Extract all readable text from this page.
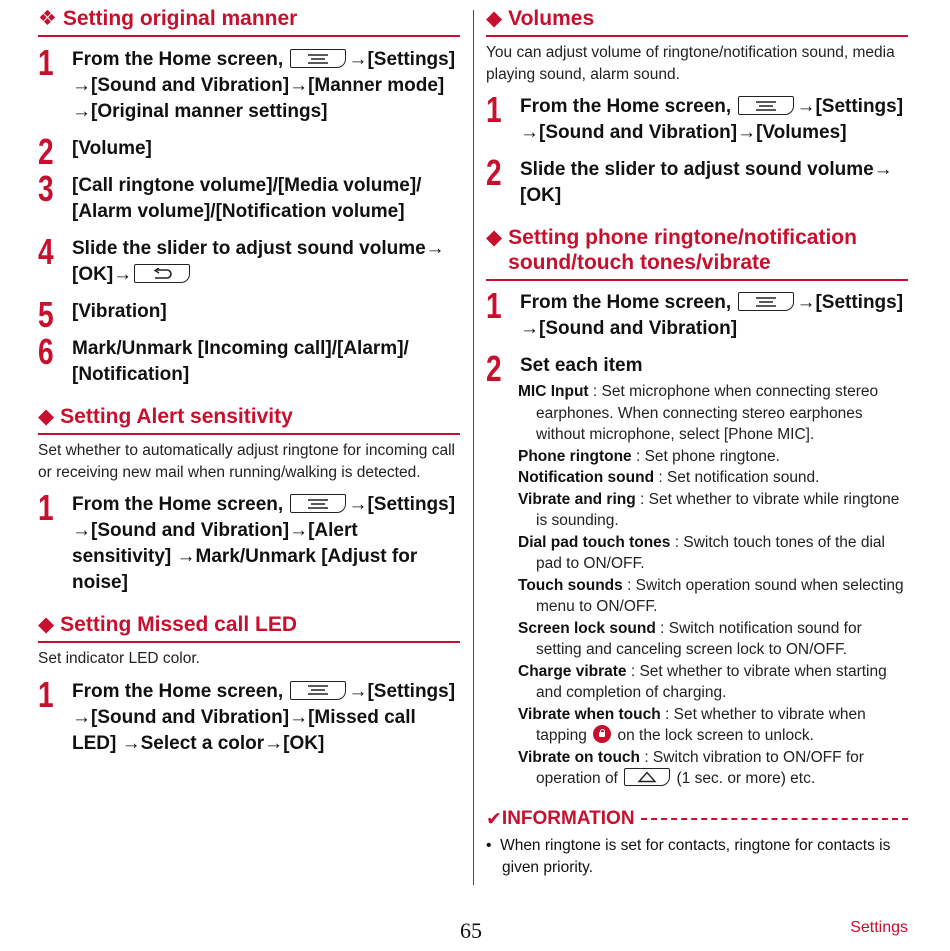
❖ Setting original manner
1 From the Home screen,	→[Settings] →[Sound and Vibration]→[Manner mode] →[Original manner settings]
2 [Volume]
3 [Call ringtone volume]/[Media volume]/ [Alarm volume]/[Notification volume]
4 Slide the slider to adjust sound volume→ [OK]→
5 [Vibration]
6 Mark/Unmark [Incoming call]/[Alarm]/ [Notification]
◆ Setting Alert sensitivity
Set whether to automatically adjust ringtone for incoming call or receiving new mail when running/walking is detected.
1 From the Home screen,	→[Settings] →[Sound and Vibration]→[Alert sensitivity] →Mark/Unmark [Adjust for noise]
◆ Setting Missed call LED
Set indicator LED color.
1 From the Home screen,	→[Settings] →[Sound and Vibration]→[Missed call LED] →Select a color→[OK]
◆ Volumes
You can adjust volume of ringtone/notification sound, media playing sound, alarm sound.
1 From the Home screen,	→[Settings] →[Sound and Vibration]→[Volumes]
2 Slide the slider to adjust sound volume→ [OK]
◆ Setting phone ringtone/notification sound/touch tones/vibrate
1 From the Home screen,	→[Settings] →[Sound and Vibration]
2 Set each item
MIC Input : Set microphone when connecting stereo earphones. When connecting stereo earphones without microphone, select [Phone MIC].
Phone ringtone : Set phone ringtone.
Notification sound : Set notification sound.
Vibrate and ring : Set whether to vibrate while ringtone is sounding.
Dial pad touch tones : Switch touch tones of the dial pad to ON/OFF.
Touch sounds : Switch operation sound when selecting menu to ON/OFF.
Screen lock sound : Switch notification sound for setting and canceling screen lock to ON/OFF.
Charge vibrate : Set whether to vibrate when starting and completion of charging.
Vibrate when touch : Set whether to vibrate when tapping  on the lock screen to unlock.
Vibrate on touch : Switch vibration to ON/OFF for operation of	(1 sec. or more) etc.
✔ INFORMATION
• When ringtone is set for contacts, ringtone for contacts is given priority.
65	Settings
